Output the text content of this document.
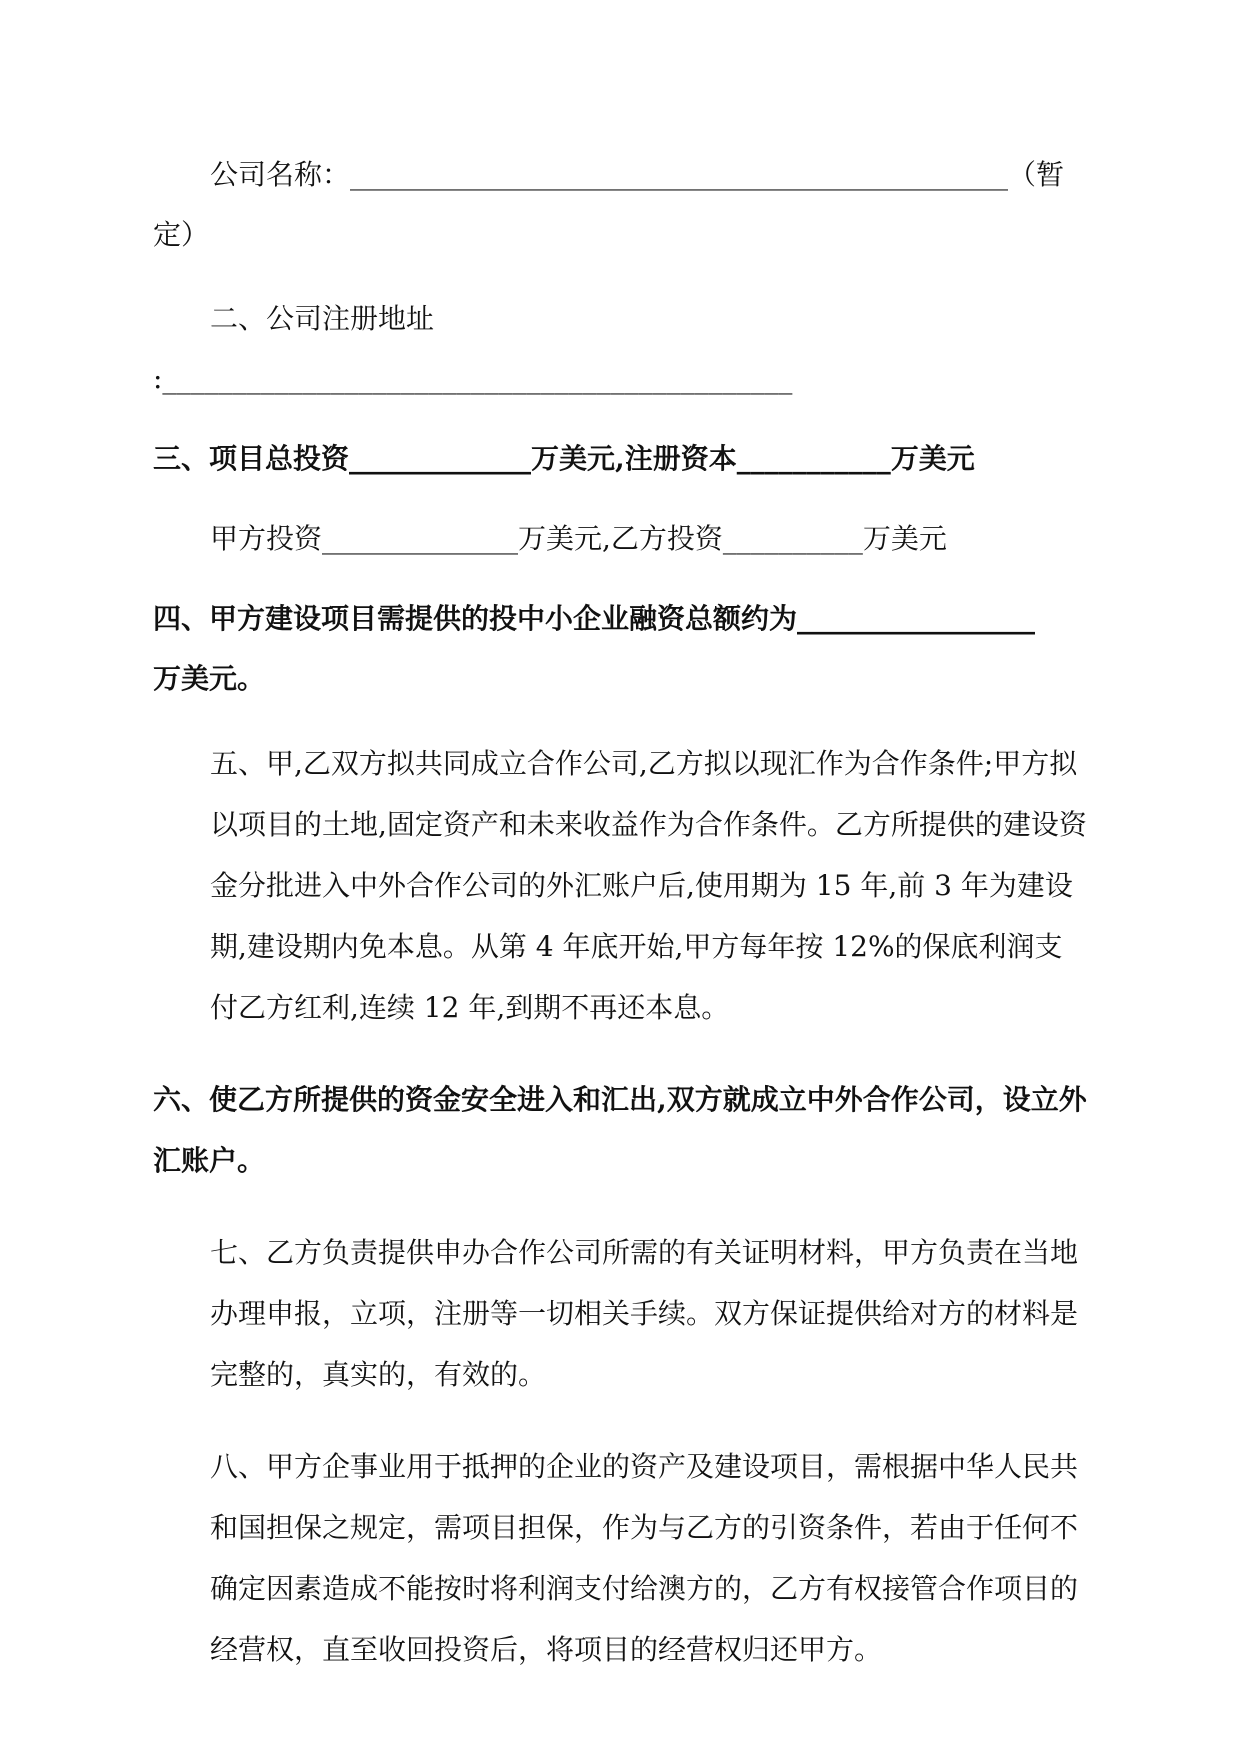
公司名称：_______________________________________________（暂
定）
二、公司注册地址
:_____________________________________________
三、项目总投资_____________万美元,注册资本___________万美元
甲方投资______________万美元,乙方投资__________万美元
四、甲方建设项目需提供的投中小企业融资总额约为_________________
万美元。
五、甲,乙双方拟共同成立合作公司,乙方拟以现汇作为合作条件;甲方拟以项目的土地,固定资产和未来收益作为合作条件。乙方所提供的建设资金分批进入中外合作公司的外汇账户后,使用期为 15 年,前 3 年为建设期,建设期内免本息。从第 4 年底开始,甲方每年按 12%的保底利润支付乙方红利,连续 12 年,到期不再还本息。
六、使乙方所提供的资金安全进入和汇出,双方就成立中外合作公司，设立外汇账户。
七、乙方负责提供申办合作公司所需的有关证明材料，甲方负责在当地办理申报，立项，注册等一切相关手续。双方保证提供给对方的材料是完整的，真实的，有效的。
八、甲方企事业用于抵押的企业的资产及建设项目，需根据中华人民共和国担保之规定，需项目担保，作为与乙方的引资条件，若由于任何不确定因素造成不能按时将利润支付给澳方的，乙方有权接管合作项目的经营权，直至收回投资后，将项目的经营权归还甲方。
